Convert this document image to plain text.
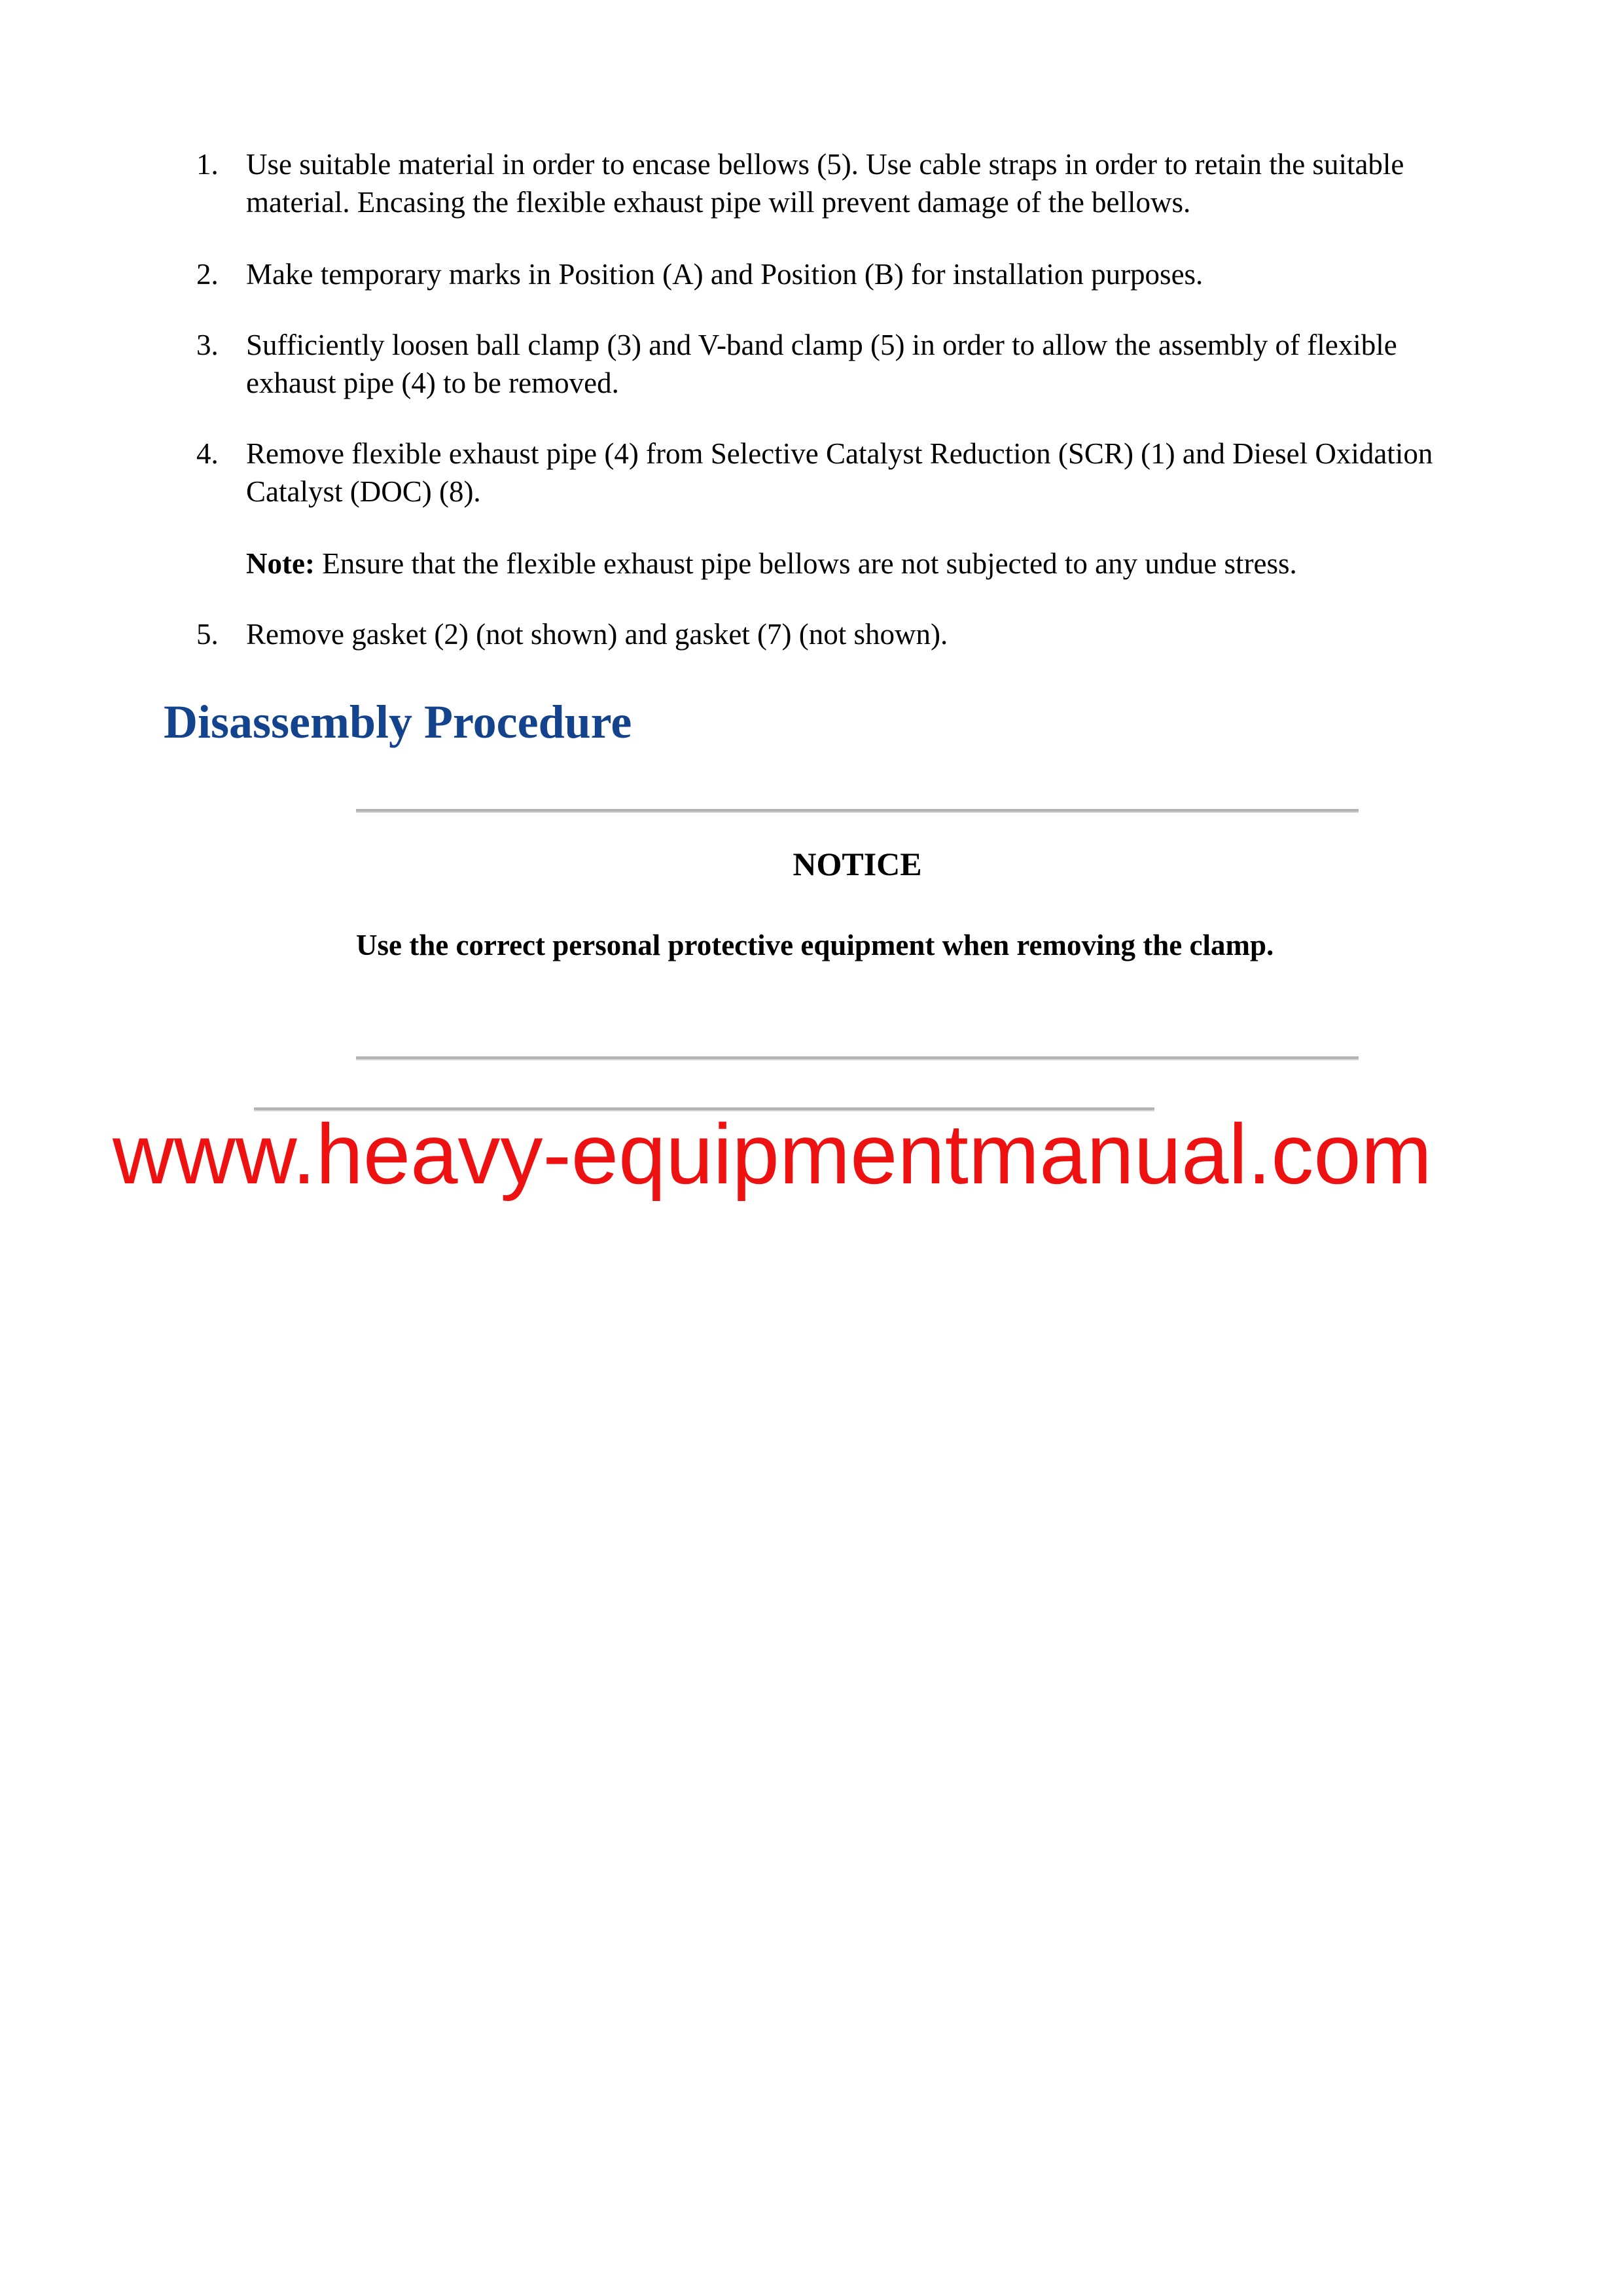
1. Use suitable material in order to encase bellows (5). Use cable straps in order to retain the suitable material. Encasing the flexible exhaust pipe will prevent damage of the bellows.
2. Make temporary marks in Position (A) and Position (B) for installation purposes.
3. Sufficiently loosen ball clamp (3) and V-band clamp (5) in order to allow the assembly of flexible exhaust pipe (4) to be removed.
4. Remove flexible exhaust pipe (4) from Selective Catalyst Reduction (SCR) (1) and Diesel Oxidation Catalyst (DOC) (8).
Note: Ensure that the flexible exhaust pipe bellows are not subjected to any undue stress.
5. Remove gasket (2) (not shown) and gasket (7) (not shown).
Disassembly Procedure
NOTICE
Use the correct personal protective equipment when removing the clamp.
www.heavy-equipmentmanual.com
